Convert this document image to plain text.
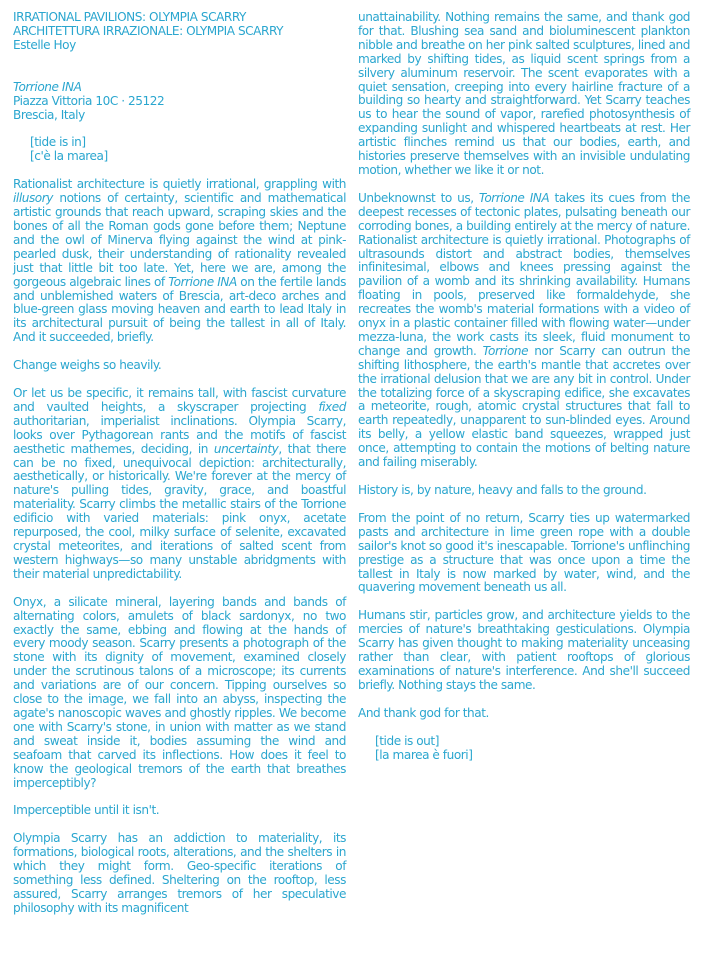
IRRATIONAL PAVILIONS: OLYMPIA SCARRY

ARCHITETTURA IRRAZIONALE: OLYMPIA SCARRY

Estelle Hoy

Torrione INA

Piazza Vittoria 10C · 25122

Brescia, Italy

[tide is in]

[c'è la marea]

Rationalist architecture is quietly irrational, grappling with illusory notions of certainty, scientific and mathematical artistic grounds that reach upward, scraping skies and the bones of all the Roman gods gone before them; Neptune and the owl of Minerva flying against the wind at pink-pearled dusk, their understanding of rationality revealed just that little bit too late. Yet, here we are, among the gorgeous algebraic lines of Torrione INA on the fertile lands and unblemished waters of Brescia, art-deco arches and blue-green glass moving heaven and earth to lead Italy in its architectural pursuit of being the tallest in all of Italy. And it succeeded, briefly.

Change weighs so heavily.

Or let us be specific, it remains tall, with fascist curvature and vaulted heights, a skyscraper projecting fixed authoritarian, imperialist inclinations. Olympia Scarry, looks over Pythagorean rants and the motifs of fascist aesthetic mathemes, deciding, in uncertainty, that there can be no fixed, unequivocal depiction: architecturally, aesthetically, or historically. We're forever at the mercy of nature's pulling tides, gravity, grace, and boastful materiality. Scarry climbs the metallic stairs of the Torrione edificio with varied materials: pink onyx, acetate repurposed, the cool, milky surface of selenite, excavated crystal meteorites, and iterations of salted scent from western highways—so many unstable abridgments with their material unpredictability.

Onyx, a silicate mineral, layering bands and bands of alternating colors, amulets of black sardonyx, no two exactly the same, ebbing and flowing at the hands of every moody season. Scarry presents a photograph of the stone with its dignity of movement, examined closely under the scrutinous talons of a microscope; its currents and variations are of our concern. Tipping ourselves so close to the image, we fall into an abyss, inspecting the agate's nanoscopic waves and ghostly ripples. We become one with Scarry's stone, in union with matter as we stand and sweat inside it, bodies assuming the wind and seafoam that carved its inflections. How does it feel to know the geological tremors of the earth that breathes imperceptibly?

Imperceptible until it isn't.

Olympia Scarry has an addiction to materiality, its formations, biological roots, alterations, and the shelters in which they might form. Geo-specific iterations of something less defined. Sheltering on the rooftop, less assured, Scarry arranges tremors of her speculative philosophy with its magnificent

unattainability. Nothing remains the same, and thank god for that. Blushing sea sand and bioluminescent plankton nibble and breathe on her pink salted sculptures, lined and marked by shifting tides, as liquid scent springs from a silvery aluminum reservoir. The scent evaporates with a quiet sensation, creeping into every hairline fracture of a building so hearty and straightforward. Yet Scarry teaches us to hear the sound of vapor, rarefied photosynthesis of expanding sunlight and whispered heartbeats at rest. Her artistic flinches remind us that our bodies, earth, and histories preserve themselves with an invisible undulating motion, whether we like it or not.

Unbeknownst to us, Torrione INA takes its cues from the deepest recesses of tectonic plates, pulsating beneath our corroding bones, a building entirely at the mercy of nature. Rationalist architecture is quietly irrational. Photographs of ultrasounds distort and abstract bodies, themselves infinitesimal, elbows and knees pressing against the pavilion of a womb and its shrinking availability. Humans floating in pools, preserved like formaldehyde, she recreates the womb's material formations with a video of onyx in a plastic container filled with flowing water—under mezza-luna, the work casts its sleek, fluid monument to change and growth. Torrione nor Scarry can outrun the shifting lithosphere, the earth's mantle that accretes over the irrational delusion that we are any bit in control. Under the totalizing force of a skyscraping edifice, she excavates a meteorite, rough, atomic crystal structures that fall to earth repeatedly, unapparent to sun-blinded eyes. Around its belly, a yellow elastic band squeezes, wrapped just once, attempting to contain the motions of belting nature and failing miserably.

History is, by nature, heavy and falls to the ground.

From the point of no return, Scarry ties up watermarked pasts and architecture in lime green rope with a double sailor's knot so good it's inescapable. Torrione's unflinching prestige as a structure that was once upon a time the tallest in Italy is now marked by water, wind, and the quavering movement beneath us all.

Humans stir, particles grow, and architecture yields to the mercies of nature's breathtaking gesticulations. Olympia Scarry has given thought to making materiality unceasing rather than clear, with patient rooftops of glorious examinations of nature's interference. And she'll succeed briefly. Nothing stays the same.

And thank god for that.

[tide is out]

[la marea è fuori]
